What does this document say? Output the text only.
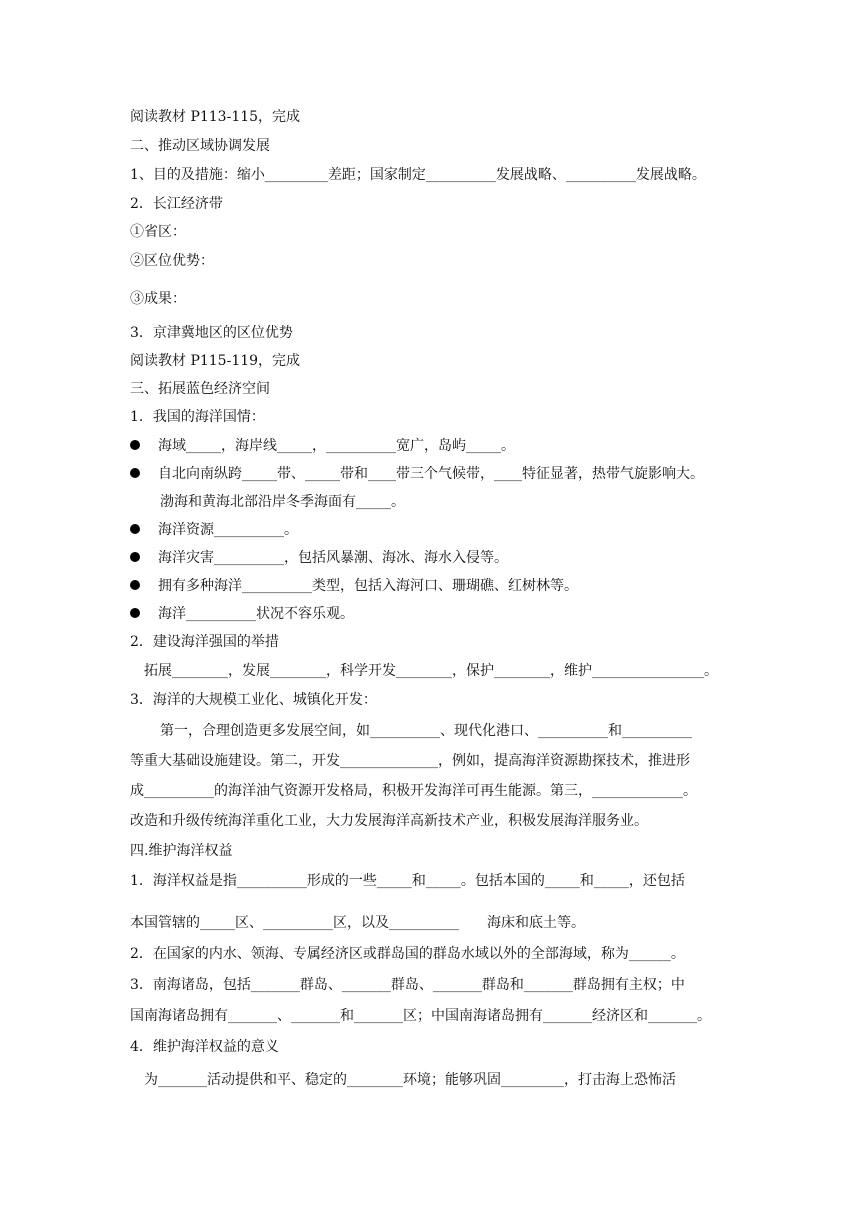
阅读教材 P113-115，完成
二、推动区域协调发展
1、目的及措施：缩小_________差距；国家制定__________发展战略、__________发展战略。
2．长江经济带
①省区：
②区位优势：
③成果：
3．京津冀地区的区位优势
阅读教材 P115-119，完成
三、拓展蓝色经济空间
1．我国的海洋国情：
海域_____，海岸线_____，__________宽广，岛屿_____。
自北向南纵跨_____带、_____带和____带三个气候带，____特征显著，热带气旋影响大。
渤海和黄海北部沿岸冬季海面有_____。
海洋资源__________。
海洋灾害__________，包括风暴潮、海冰、海水入侵等。
拥有多种海洋__________类型，包括入海河口、珊瑚礁、红树林等。
海洋__________状况不容乐观。
2．建设海洋强国的举措
拓展________，发展________，科学开发________，保护________，维护________________。
3．海洋的大规模工业化、城镇化开发：
第一，合理创造更多发展空间，如__________、现代化港口、__________和__________
等重大基础设施建设。第二，开发______________，例如，提高海洋资源勘探技术，推进形
成__________的海洋油气资源开发格局，积极开发海洋可再生能源。第三，_____________。
改造和升级传统海洋重化工业，大力发展海洋高新技术产业，积极发展海洋服务业。
四.维护海洋权益
1．海洋权益是指__________形成的一些_____和_____。包括本国的_____和_____，还包括
本国管辖的_____区、__________区，以及__________　　海床和底土等。
2．在国家的内水、领海、专属经济区或群岛国的群岛水域以外的全部海域，称为______。
3．南海诸岛，包括_______群岛、_______群岛、_______群岛和_______群岛拥有主权；中
国南海诸岛拥有_______、_______和_______区；中国南海诸岛拥有_______经济区和_______。
4．维护海洋权益的意义
为_______活动提供和平、稳定的________环境；能够巩固_________，打击海上恐怖活
